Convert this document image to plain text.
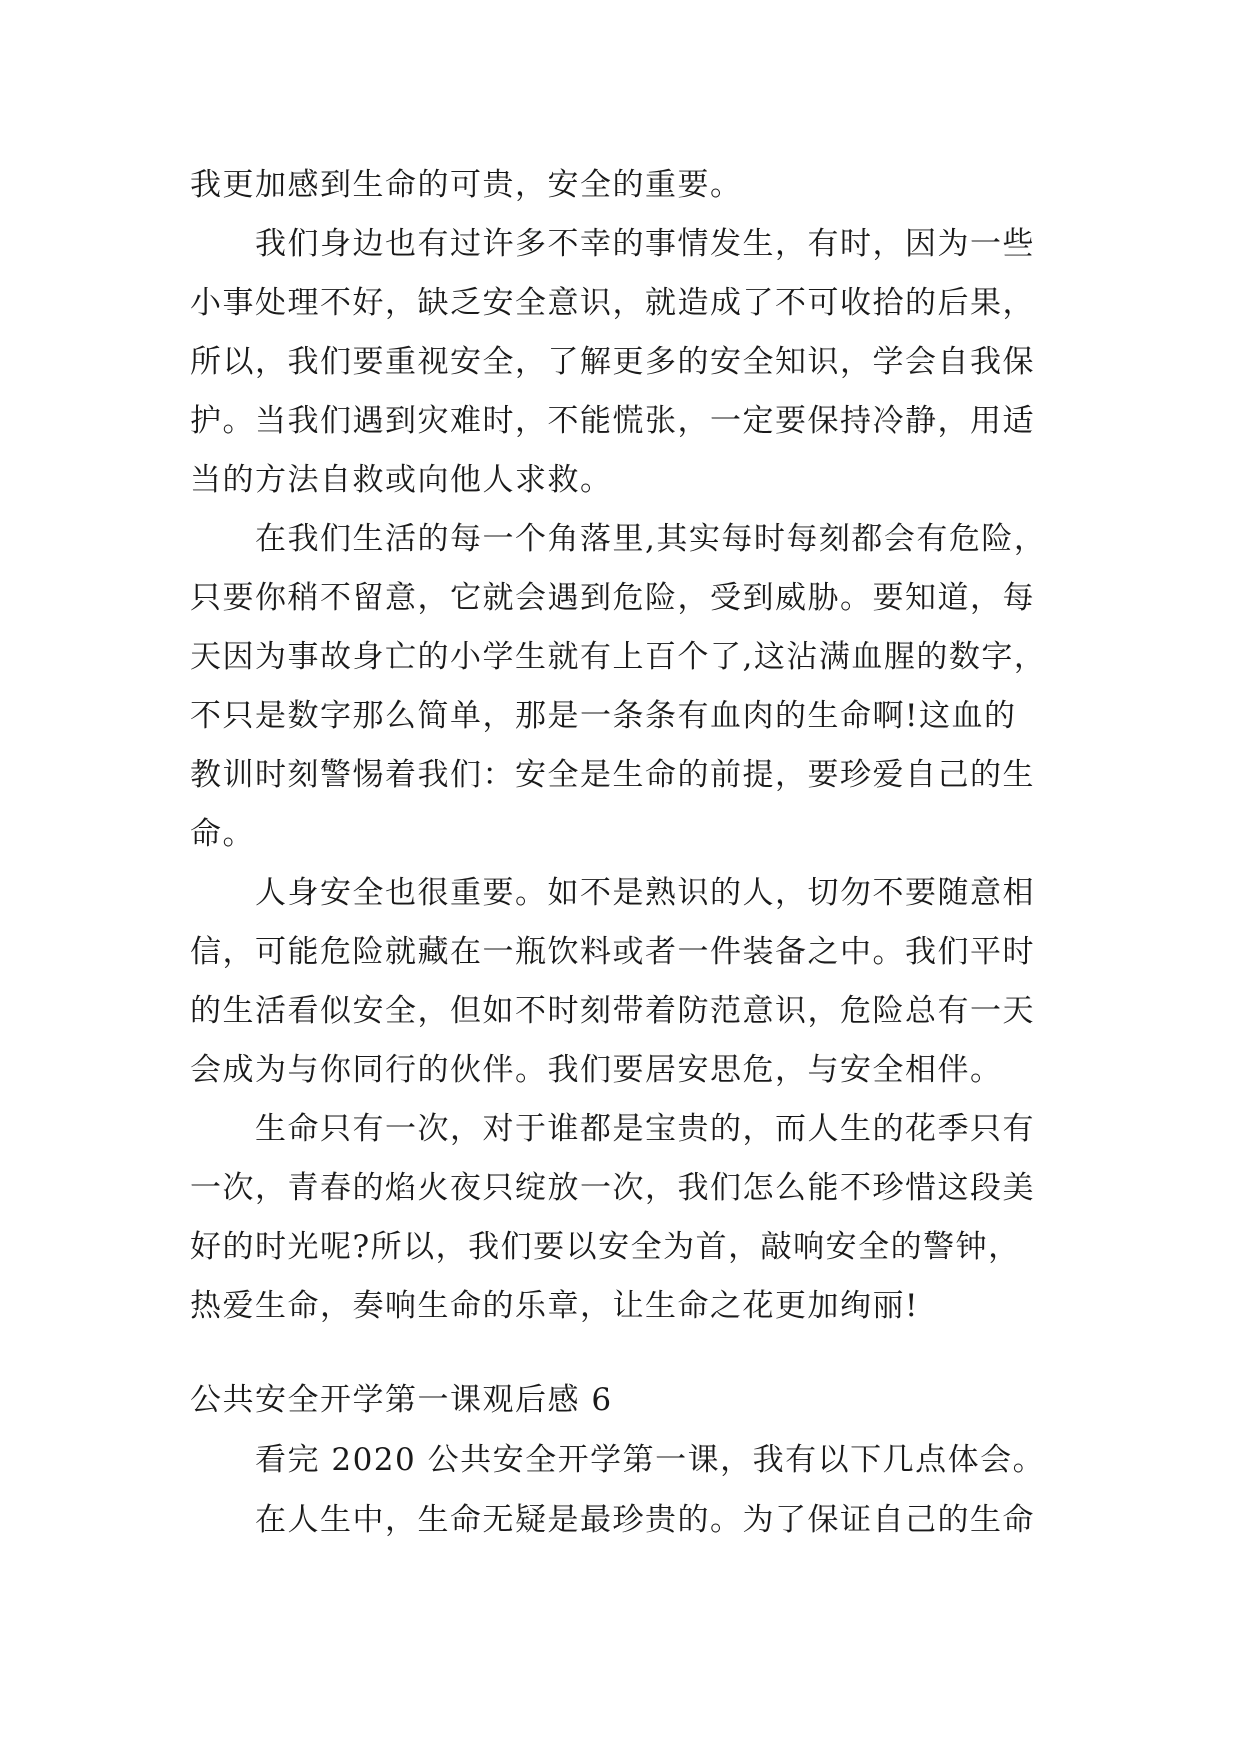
我更加感到生命的可贵，安全的重要。
我们身边也有过许多不幸的事情发生，有时，因为一些
小事处理不好，缺乏安全意识，就造成了不可收拾的后果，
所以，我们要重视安全，了解更多的安全知识，学会自我保
护。当我们遇到灾难时，不能慌张，一定要保持冷静，用适
当的方法自救或向他人求救。
在我们生活的每一个角落里,其实每时每刻都会有危险，
只要你稍不留意，它就会遇到危险，受到威胁。要知道，每
天因为事故身亡的小学生就有上百个了,这沾满血腥的数字，
不只是数字那么简单，那是一条条有血肉的生命啊!这血的
教训时刻警惕着我们：安全是生命的前提，要珍爱自己的生
命。
人身安全也很重要。如不是熟识的人，切勿不要随意相
信，可能危险就藏在一瓶饮料或者一件装备之中。我们平时
的生活看似安全，但如不时刻带着防范意识，危险总有一天
会成为与你同行的伙伴。我们要居安思危，与安全相伴。
生命只有一次，对于谁都是宝贵的，而人生的花季只有
一次，青春的焰火夜只绽放一次，我们怎么能不珍惜这段美
好的时光呢?所以，我们要以安全为首，敲响安全的警钟，
热爱生命，奏响生命的乐章，让生命之花更加绚丽!
公共安全开学第一课观后感 6
看完 2020 公共安全开学第一课，我有以下几点体会。
在人生中，生命无疑是最珍贵的。为了保证自己的生命
